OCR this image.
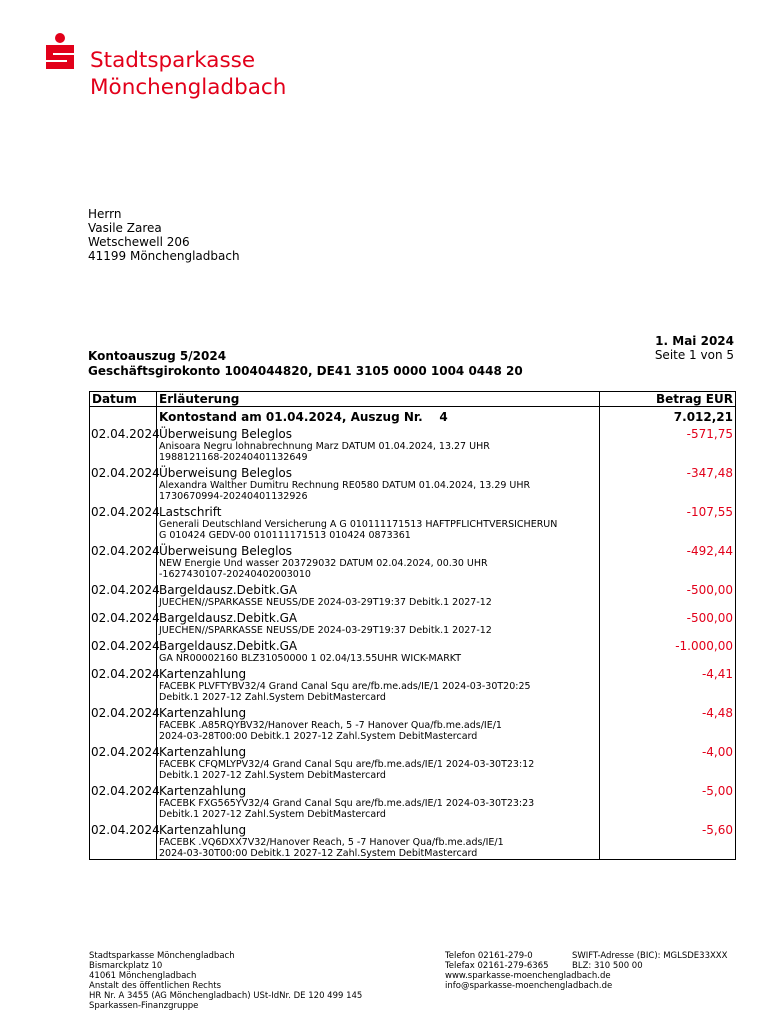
Stadtsparkasse
Mönchengladbach
Herrn
Vasile Zarea
Wetschewell 206
41199 Mönchengladbach
1. Mai 2024
Seite 1 von 5
Kontoauszug 5/2024
Geschäftsgirokonto 1004044820, DE41 3105 0000 1004 0448 20
Datum	Erläuterung	Betrag EUR

	Kontostand am 01.04.2024, Auszug Nr.    4	7.012,21
02.04.2024	Überweisung Beleglos
Anisoara Negru lohnabrechnung Marz DATUM 01.04.2024, 13.27 UHR
1988121168-20240401132649	-571,75
02.04.2024	Überweisung Beleglos
Alexandra Walther Dumitru Rechnung RE0580 DATUM 01.04.2024, 13.29 UHR
1730670994-20240401132926	-347,48
02.04.2024	Lastschrift
Generali Deutschland Versicherung A G 010111171513 HAFTPFLICHTVERSICHERUN
G 010424 GEDV-00 010111171513 010424 0873361	-107,55
02.04.2024	Überweisung Beleglos
NEW Energie Und wasser 203729032 DATUM 02.04.2024, 00.30 UHR
-1627430107-20240402003010	-492,44
02.04.2024	Bargeldausz.Debitk.GA
JUECHEN//SPARKASSE NEUSS/DE 2024-03-29T19:37 Debitk.1 2027-12	-500,00
02.04.2024	Bargeldausz.Debitk.GA
JUECHEN//SPARKASSE NEUSS/DE 2024-03-29T19:37 Debitk.1 2027-12	-500,00
02.04.2024	Bargeldausz.Debitk.GA
GA NR00002160 BLZ31050000 1 02.04/13.55UHR WICK-MARKT	-1.000,00
02.04.2024	Kartenzahlung
FACEBK PLVFTYBV32/4 Grand Canal Squ are/fb.me.ads/IE/1 2024-03-30T20:25
Debitk.1 2027-12 Zahl.System DebitMastercard	-4,41
02.04.2024	Kartenzahlung
FACEBK .A85RQYBV32/Hanover Reach, 5 -7 Hanover Qua/fb.me.ads/IE/1
2024-03-28T00:00 Debitk.1 2027-12 Zahl.System DebitMastercard	-4,48
02.04.2024	Kartenzahlung
FACEBK CFQMLYPV32/4 Grand Canal Squ are/fb.me.ads/IE/1 2024-03-30T23:12
Debitk.1 2027-12 Zahl.System DebitMastercard	-4,00
02.04.2024	Kartenzahlung
FACEBK FXG565YV32/4 Grand Canal Squ are/fb.me.ads/IE/1 2024-03-30T23:23
Debitk.1 2027-12 Zahl.System DebitMastercard	-5,00
02.04.2024	Kartenzahlung
FACEBK .VQ6DXX7V32/Hanover Reach, 5 -7 Hanover Qua/fb.me.ads/IE/1
2024-03-30T00:00 Debitk.1 2027-12 Zahl.System DebitMastercard	-5,60
Stadtsparkasse Mönchengladbach
Bismarckplatz 10
41061 Mönchengladbach
Anstalt des öffentlichen Rechts
HR Nr. A 3455 (AG Mönchengladbach) USt-IdNr. DE 120 499 145
Sparkassen-Finanzgruppe
Telefon 02161-279-0
Telefax 02161-279-6365
www.sparkasse-moenchengladbach.de
info@sparkasse-moenchengladbach.de
SWIFT-Adresse (BIC): MGLSDE33XXX
BLZ: 310 500 00
